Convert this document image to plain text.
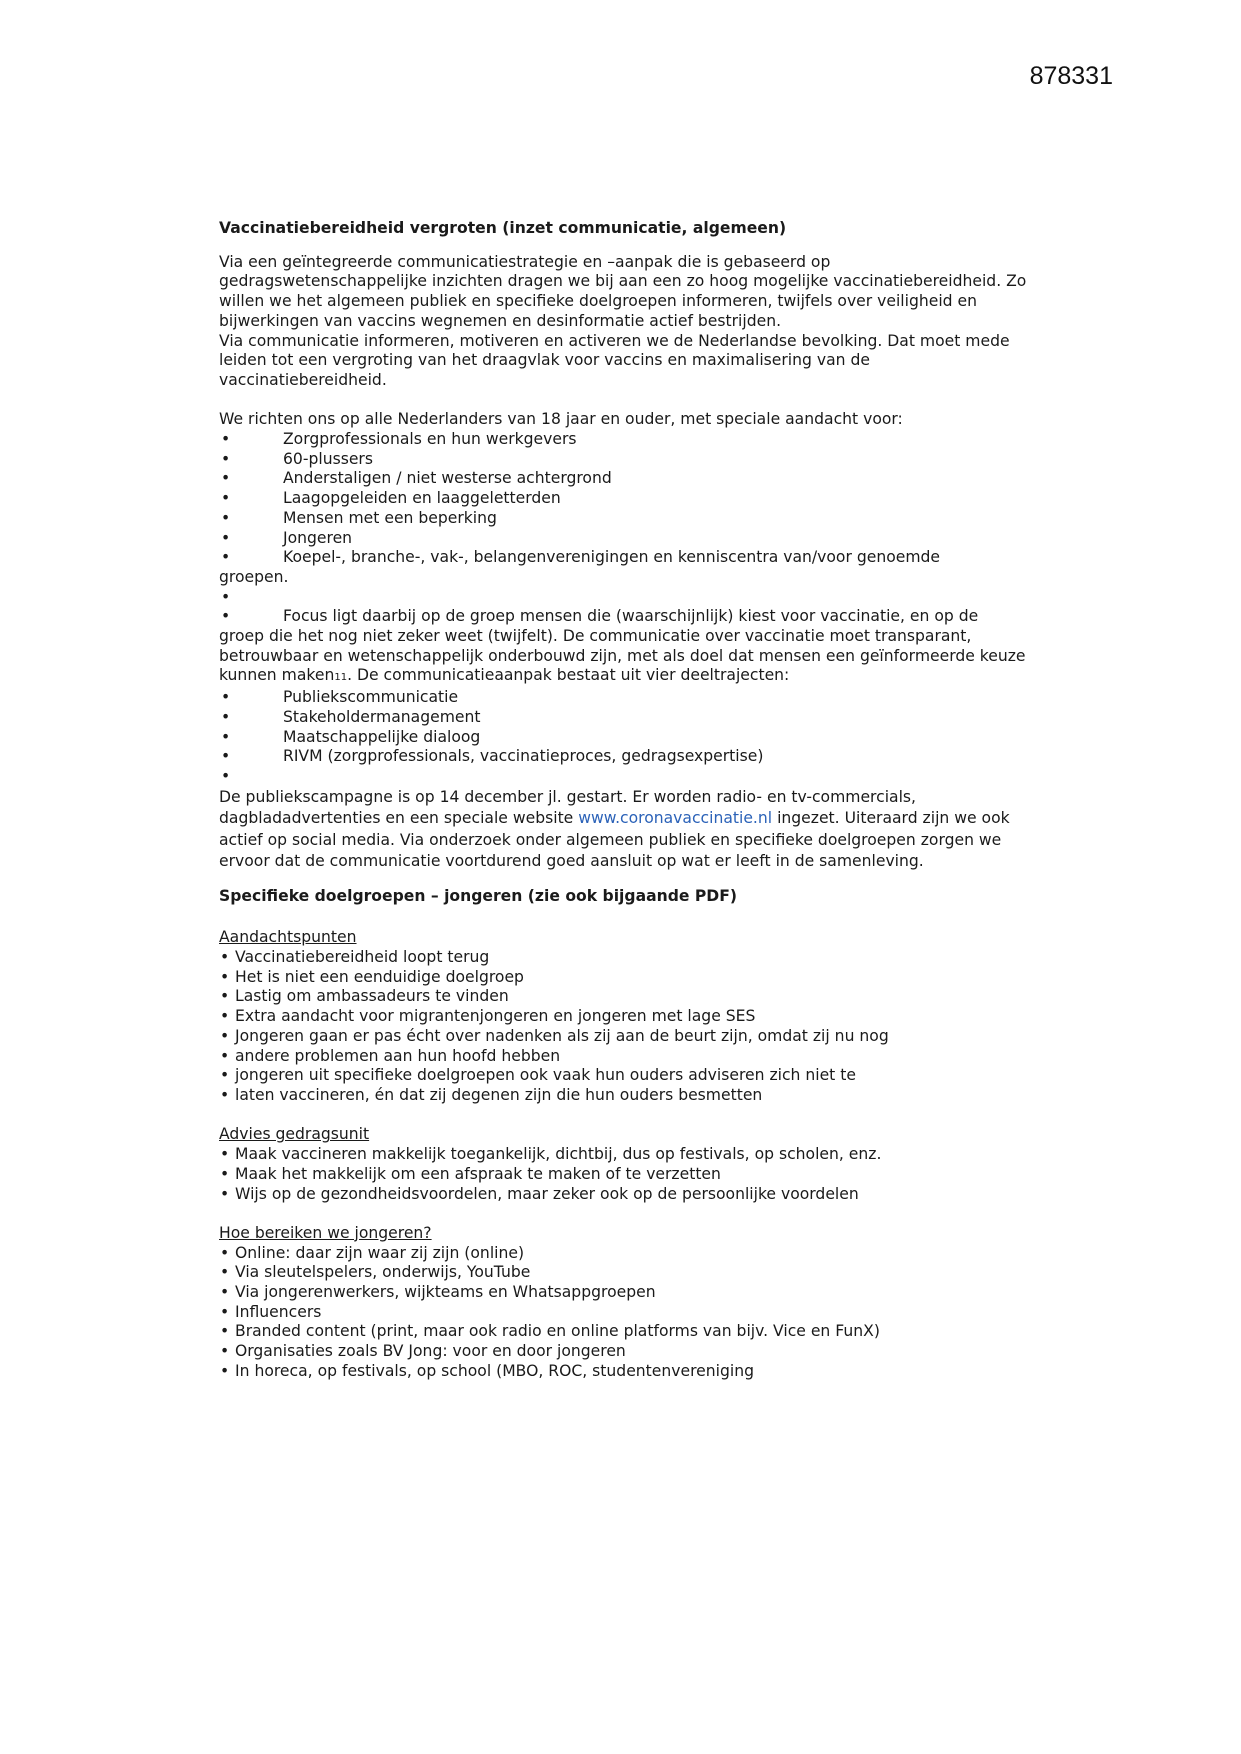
878331
Vaccinatiebereidheid vergroten (inzet communicatie, algemeen)

Via een geïntegreerde communicatiestrategie en –aanpak die is gebaseerd op gedragswetenschappelijke inzichten dragen we bij aan een zo hoog mogelijke vaccinatiebereidheid. Zo willen we het algemeen publiek en specifieke doelgroepen informeren, twijfels over veiligheid en bijwerkingen van vaccins wegnemen en desinformatie actief bestrijden.

Via communicatie informeren, motiveren en activeren we de Nederlandse bevolking. Dat moet mede leiden tot een vergroting van het draagvlak voor vaccins en maximalisering van de vaccinatiebereidheid.

We richten ons op alle Nederlanders van 18 jaar en ouder, met speciale aandacht voor:

• Zorgprofessionals en hun werkgevers
• 60-plussers
• Anderstaligen / niet westerse achtergrond
• Laagopgeleiden en laaggeletterden
• Mensen met een beperking
• Jongeren
• Koepel-, branche-, vak-, belangenverenigingen en kenniscentra van/voor genoemde
groepen.
•
• Focus ligt daarbij op de groep mensen die (waarschijnlijk) kiest voor vaccinatie, en op de
groep die het nog niet zeker weet (twijfelt). De communicatie over vaccinatie moet transparant, betrouwbaar en wetenschappelijk onderbouwd zijn, met als doel dat mensen een geïnformeerde keuze kunnen maken11. De communicatieaanpak bestaat uit vier deeltrajecten:
• Publiekscommunicatie
• Stakeholdermanagement
• Maatschappelijke dialoog
• RIVM (zorgprofessionals, vaccinatieproces, gedragsexpertise)
•

De publiekscampagne is op 14 december jl. gestart. Er worden radio- en tv-commercials, dagbladadvertenties en een speciale website www.coronavaccinatie.nl ingezet. Uiteraard zijn we ook actief op social media. Via onderzoek onder algemeen publiek en specifieke doelgroepen zorgen we ervoor dat de communicatie voortdurend goed aansluit op wat er leeft in de samenleving.

Specifieke doelgroepen – jongeren (zie ook bijgaande PDF)
Aandachtspunten
• Vaccinatiebereidheid loopt terug
• Het is niet een eenduidige doelgroep
• Lastig om ambassadeurs te vinden
• Extra aandacht voor migrantenjongeren en jongeren met lage SES
• Jongeren gaan er pas écht over nadenken als zij aan de beurt zijn, omdat zij nu nog
• andere problemen aan hun hoofd hebben
• jongeren uit specifieke doelgroepen ook vaak hun ouders adviseren zich niet te
• laten vaccineren, én dat zij degenen zijn die hun ouders besmetten
Advies gedragsunit
• Maak vaccineren makkelijk toegankelijk, dichtbij, dus op festivals, op scholen, enz.
• Maak het makkelijk om een afspraak te maken of te verzetten
• Wijs op de gezondheidsvoordelen, maar zeker ook op de persoonlijke voordelen
Hoe bereiken we jongeren?
• Online: daar zijn waar zij zijn (online)
• Via sleutelspelers, onderwijs, YouTube
• Via jongerenwerkers, wijkteams en Whatsappgroepen
• Influencers
• Branded content (print, maar ook radio en online platforms van bijv. Vice en FunX)
• Organisaties zoals BV Jong: voor en door jongeren
• In horeca, op festivals, op school (MBO, ROC, studentenvereniging
